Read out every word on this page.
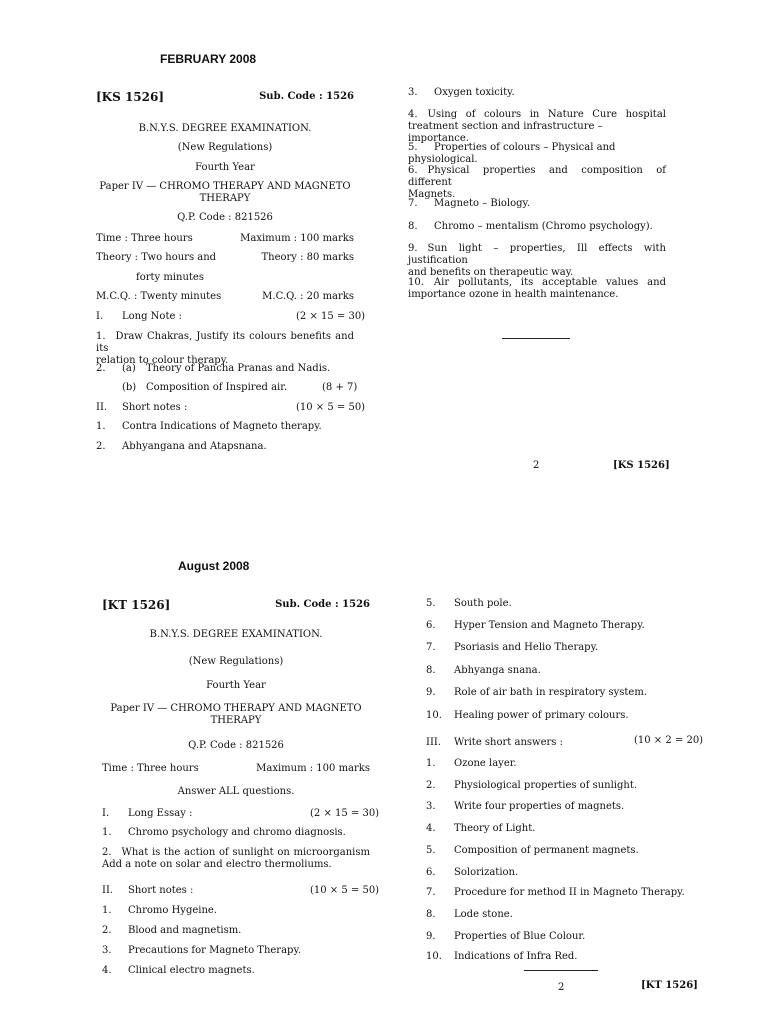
FEBRUARY 2008
[KS 1526]	Sub. Code : 1526
B.N.Y.S. DEGREE EXAMINATION.
(New Regulations)
Fourth Year
Paper IV — CHROMO THERAPY AND MAGNETO THERAPY
Q.P. Code : 821526
Time : Three hours	Maximum : 100 marks
Theory : Two hours and	Theory : 80 marks
forty minutes
M.C.Q. : Twenty minutes	M.C.Q. : 20 marks
I. Long Note :	(2 × 15 = 30)
1. Draw Chakras, Justify its colours benefits and its
relation to colour therapy.
2. (a) Theory of Pancha Pranas and Nadis.
(b) Composition of Inspired air.	(8 + 7)
II. Short notes :	(10 × 5 = 50)
1. Contra Indications of Magneto therapy.
2. Abhyangana and Atapsnana.
3. Oxygen toxicity.
4. Using of colours in Nature Cure hospital
treatment section and infrastructure – importance.
5. Properties of colours – Physical and physiological.
6. Physical properties and composition of different
Magnets.
7. Magneto – Biology.
8. Chromo – mentalism (Chromo psychology).
9. Sun light – properties, Ill effects with justification
and benefits on therapeutic way.
10. Air pollutants, its acceptable values and
importance ozone in health maintenance.
2	[KS 1526]
August 2008
[KT 1526]	Sub. Code : 1526
B.N.Y.S. DEGREE EXAMINATION.
(New Regulations)
Fourth Year
Paper IV — CHROMO THERAPY AND MAGNETO THERAPY
Q.P. Code : 821526
Time : Three hours	Maximum : 100 marks
Answer ALL questions.
I. Long Essay :	(2 × 15 = 30)
1. Chromo psychology and chromo diagnosis.
2. What is the action of sunlight on microorganism
Add a note on solar and electro thermoliums.
II. Short notes :	(10 × 5 = 50)
1. Chromo Hygeine.
2. Blood and magnetism.
3. Precautions for Magneto Therapy.
4. Clinical electro magnets.
5. South pole.
6. Hyper Tension and Magneto Therapy.
7. Psoriasis and Helio Therapy.
8. Abhyanga snana.
9. Role of air bath in respiratory system.
10. Healing power of primary colours.
III. Write short answers :	(10 × 2 = 20)
1. Ozone layer.
2. Physiological properties of sunlight.
3. Write four properties of magnets.
4. Theory of Light.
5. Composition of permanent magnets.
6. Solorization.
7. Procedure for method II in Magneto Therapy.
8. Lode stone.
9. Properties of Blue Colour.
10. Indications of Infra Red.
2	[KT 1526]
